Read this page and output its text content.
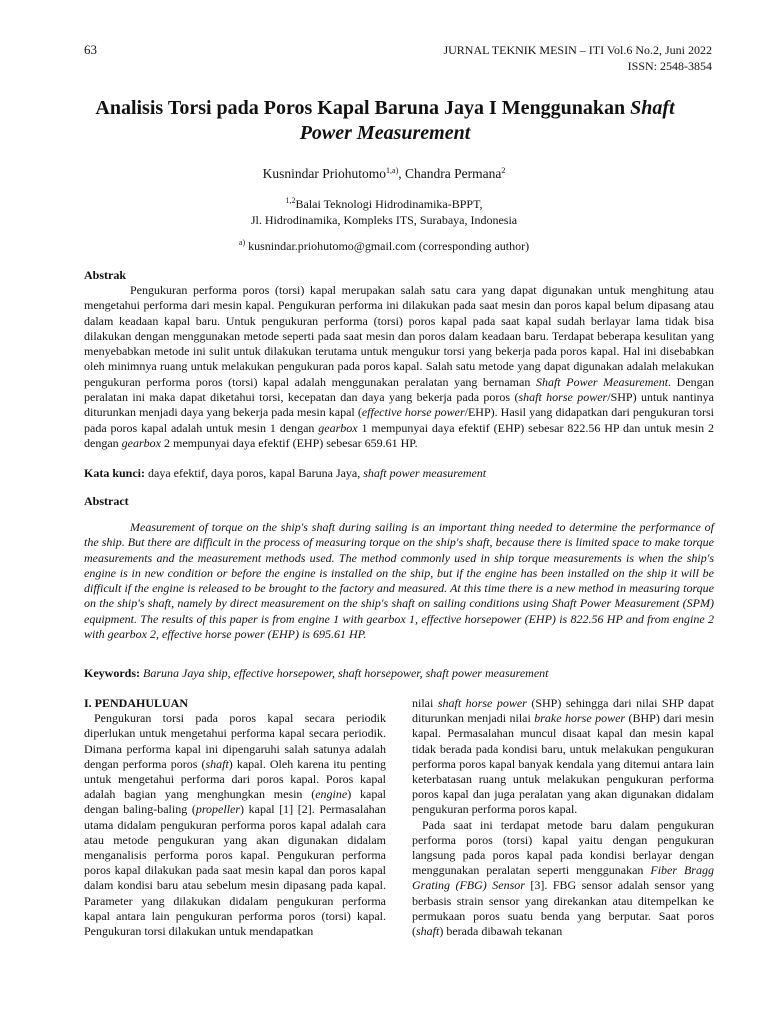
63	JURNAL TEKNIK MESIN – ITI Vol.6 No.2, Juni 2022
ISSN: 2548-3854
Analisis Torsi pada Poros Kapal Baruna Jaya I Menggunakan Shaft
Power Measurement
Kusnindar Priohutomo$^{1,a)}$, Chandra Permana$^2$
$^{1,2}$Balai Teknologi Hidrodinamika-BPPT,
Jl. Hidrodinamika, Kompleks ITS, Surabaya, Indonesia
$^{a)}$ kusnindar.priohutomo@gmail.com (corresponding author)
Abstrak

Pengukuran performa poros (torsi) kapal merupakan salah satu cara yang dapat digunakan untuk menghitung atau mengetahui performa dari mesin kapal. Pengukuran performa ini dilakukan pada saat mesin dan poros kapal belum dipasang atau dalam keadaan kapal baru. Untuk pengukuran performa (torsi) poros kapal pada saat kapal sudah berlayar lama tidak bisa dilakukan dengan menggunakan metode seperti pada saat mesin dan poros dalam keadaan baru. Terdapat beberapa kesulitan yang menyebabkan metode ini sulit untuk dilakukan terutama untuk mengukur torsi yang bekerja pada poros kapal. Hal ini disebabkan oleh minimnya ruang untuk melakukan pengukuran pada poros kapal. Salah satu metode yang dapat digunakan adalah melakukan pengukuran performa poros (torsi) kapal adalah menggunakan peralatan yang bernaman Shaft Power Measurement. Dengan peralatan ini maka dapat diketahui torsi, kecepatan dan daya yang bekerja pada poros (shaft horse power/SHP) untuk nantinya diturunkan menjadi daya yang bekerja pada mesin kapal (effective horse power/EHP). Hasil yang didapatkan dari pengukuran torsi pada poros kapal adalah untuk mesin 1 dengan gearbox 1 mempunyai daya efektif (EHP) sebesar 822.56 HP dan untuk mesin 2 dengan gearbox 2 mempunyai daya efektif (EHP) sebesar 659.61 HP.

Kata kunci: daya efektif, daya poros, kapal Baruna Jaya, shaft power measurement
Abstract

Measurement of torque on the ship's shaft during sailing is an important thing needed to determine the performance of the ship. But there are difficult in the process of measuring torque on the ship's shaft, because there is limited space to make torque measurements and the measurement methods used. The method commonly used in ship torque measurements is when the ship's engine is in new condition or before the engine is installed on the ship, but if the engine has been installed on the ship it will be difficult if the engine is released to be brought to the factory and measured. At this time there is a new method in measuring torque on the ship's shaft, namely by direct measurement on the ship's shaft on sailing conditions using Shaft Power Measurement (SPM) equipment. The results of this paper is from engine 1 with gearbox 1, effective horsepower (EHP) is 822.56 HP and from engine 2 with gearbox 2, effective horse power (EHP) is 695.61 HP.

Keywords: Baruna Jaya ship, effective horsepower, shaft horsepower, shaft power measurement

I. PENDAHULUAN
Pengukuran torsi pada poros kapal secara periodik diperlukan untuk mengetahui performa kapal secara periodik. Dimana performa kapal ini dipengaruhi salah satunya adalah dengan performa poros (shaft) kapal. Oleh karena itu penting untuk mengetahui performa dari poros kapal. Poros kapal adalah bagian yang menghungkan mesin (engine) kapal dengan baling-baling (propeller) kapal [1] [2]. Permasalahan utama didalam pengukuran performa poros kapal adalah cara atau metode pengukuran yang akan digunakan didalam menganalisis performa poros kapal. Pengukuran performa poros kapal dilakukan pada saat mesin kapal dan poros kapal dalam kondisi baru atau sebelum mesin dipasang pada kapal. Parameter yang dilakukan didalam pengukuran performa kapal antara lain pengukuran performa poros (torsi) kapal. Pengukuran torsi dilakukan untuk mendapatkan

nilai shaft horse power (SHP) sehingga dari nilai SHP dapat diturunkan menjadi nilai brake horse power (BHP) dari mesin kapal. Permasalahan muncul disaat kapal dan mesin kapal tidak berada pada kondisi baru, untuk melakukan pengukuran performa poros kapal banyak kendala yang ditemui antara lain keterbatasan ruang untuk melakukan pengukuran performa poros kapal dan juga peralatan yang akan digunakan didalam pengukuran performa poros kapal.
Pada saat ini terdapat metode baru dalam pengukuran performa poros (torsi) kapal yaitu dengan pengukuran langsung pada poros kapal pada kondisi berlayar dengan menggunakan peralatan seperti menggunakan Fiber Bragg Grating (FBG) Sensor [3]. FBG sensor adalah sensor yang berbasis strain sensor yang direkankan atau ditempelkan ke permukaan poros suatu benda yang berputar. Saat poros (shaft) berada dibawah tekanan
